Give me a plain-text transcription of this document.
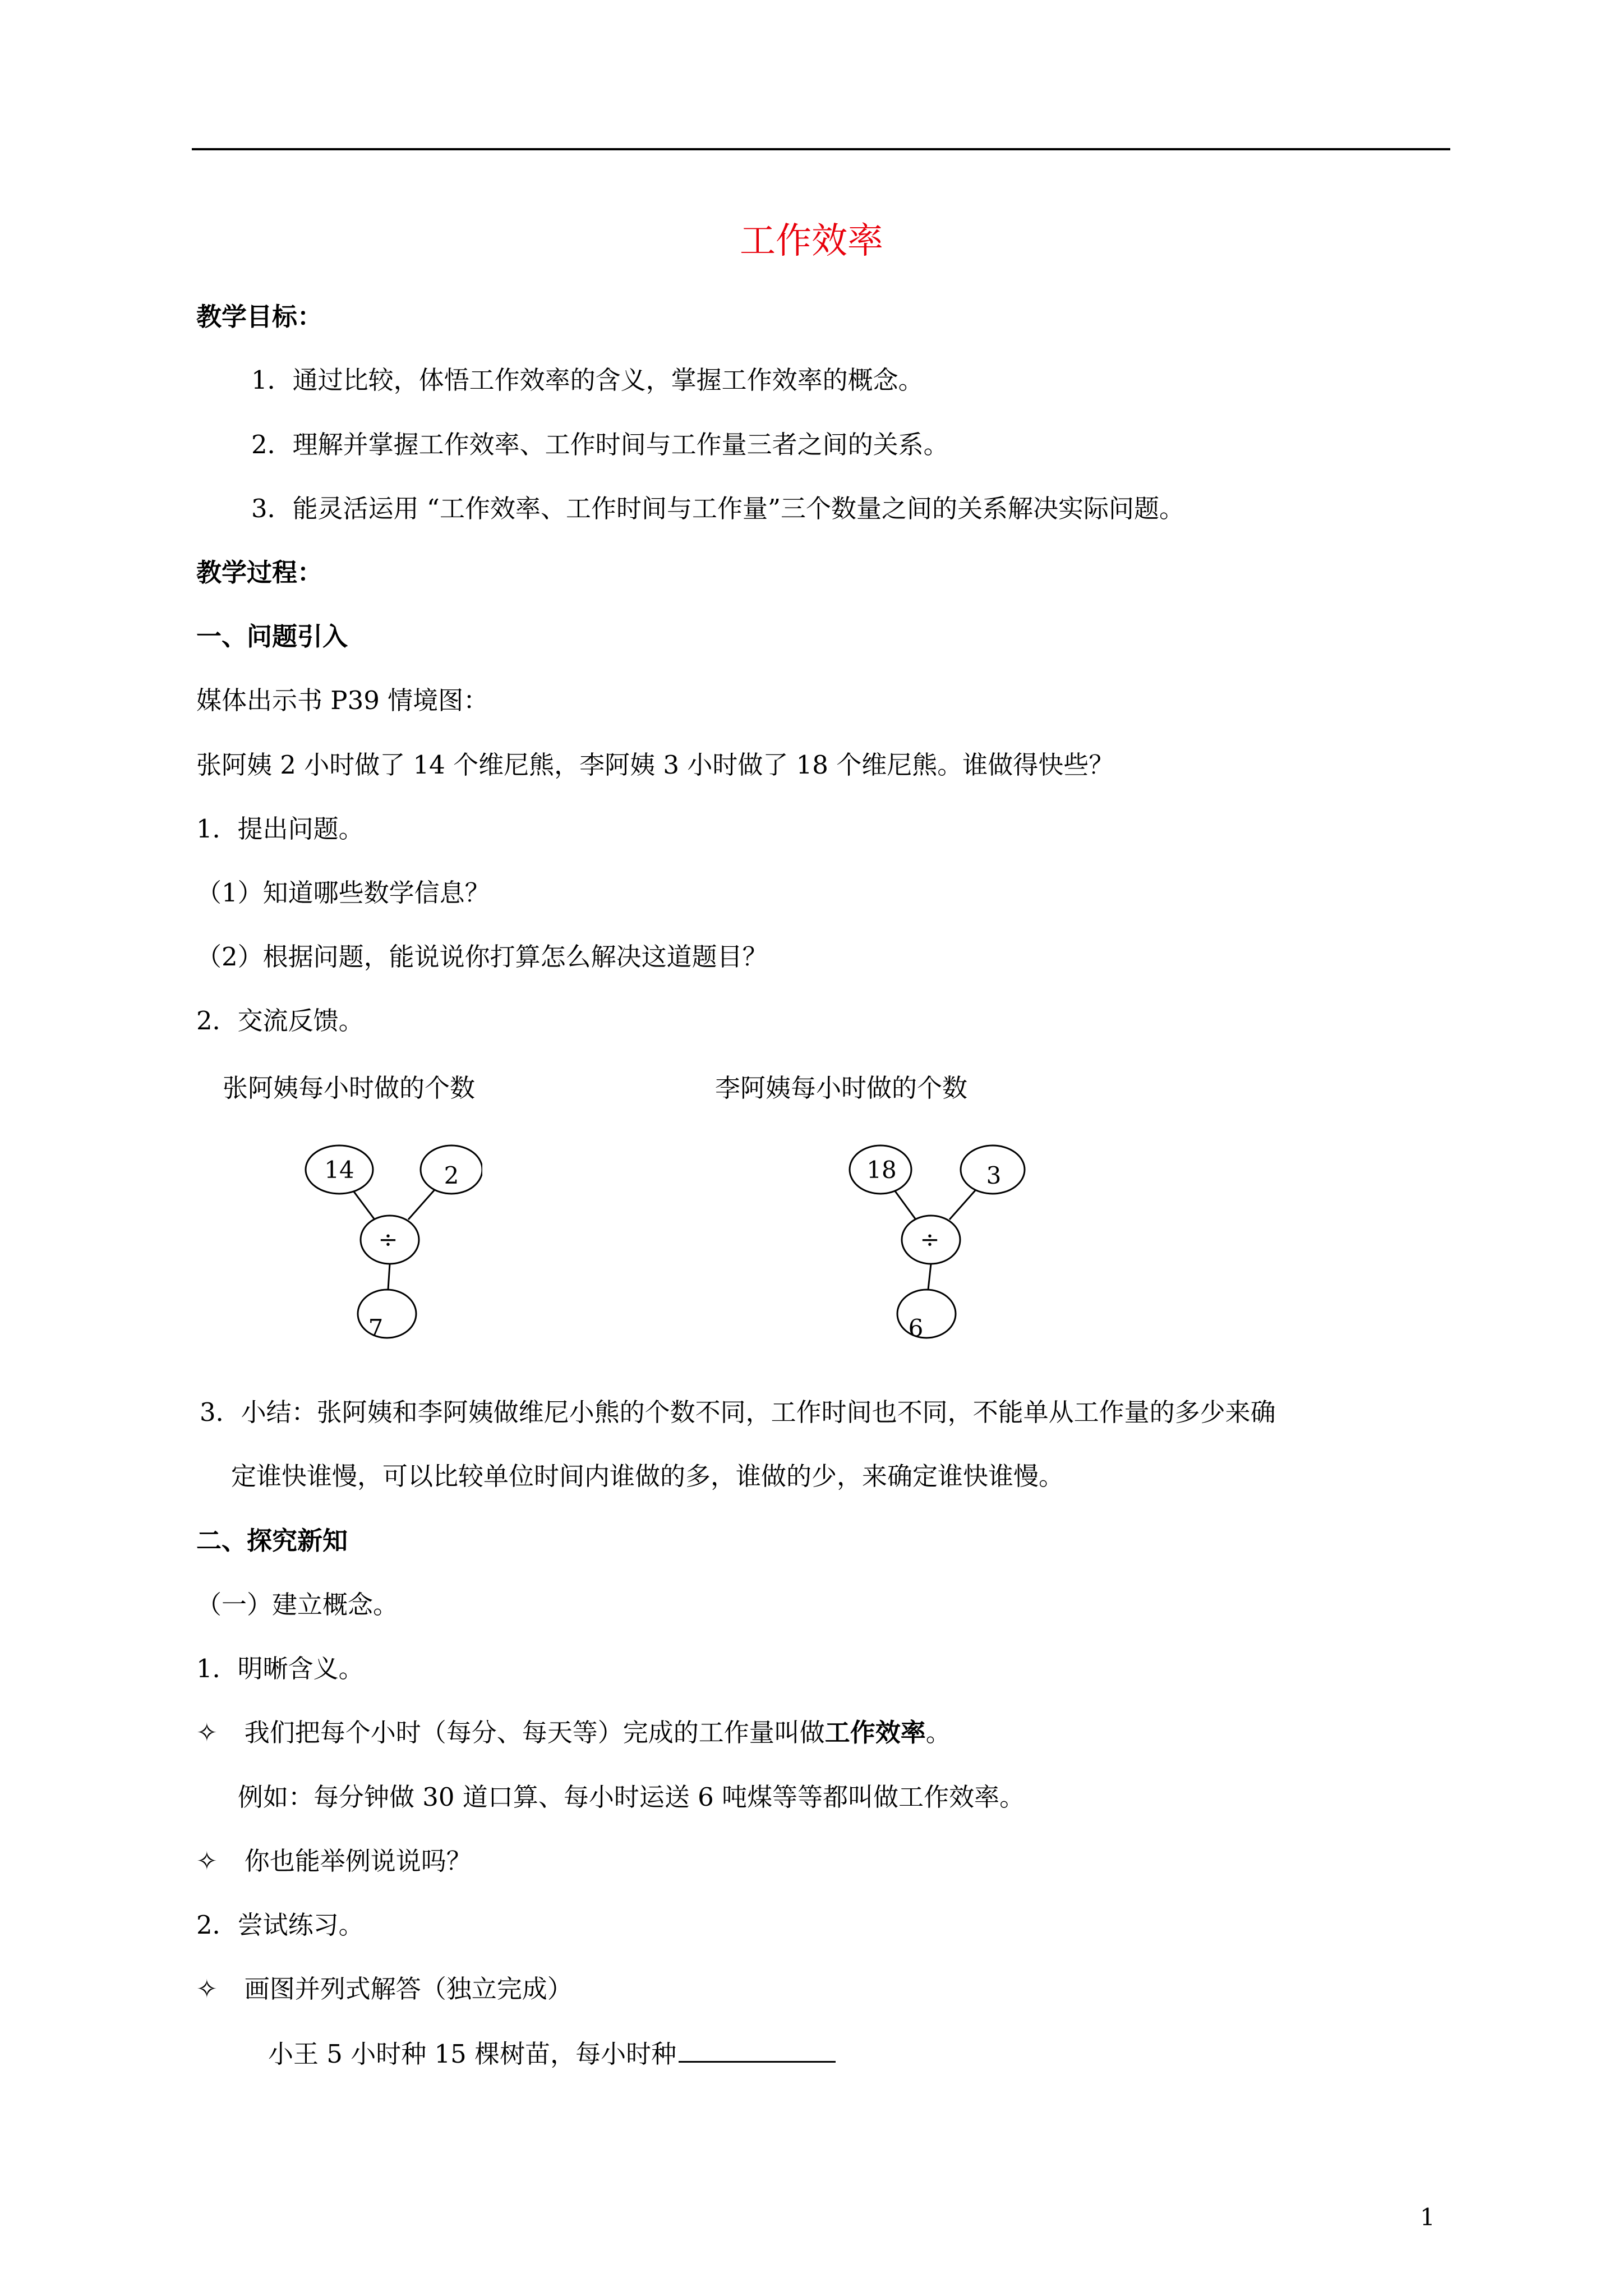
工作效率
教学目标：
1．通过比较，体悟工作效率的含义，掌握工作效率的概念。
2．理解并掌握工作效率、工作时间与工作量三者之间的关系。
3．能灵活运用 “工作效率、工作时间与工作量”三个数量之间的关系解决实际问题。
教学过程：
一、问题引入
媒体出示书 P39 情境图：
张阿姨 2 小时做了 14 个维尼熊，李阿姨 3 小时做了 18 个维尼熊。谁做得快些？
1．提出问题。
（1）知道哪些数学信息？
（2）根据问题，能说说你打算怎么解决这道题目？
2．交流反馈。
张阿姨每小时做的个数	李阿姨每小时做的个数
14	2
÷
7
18	3
÷
6
3．小结：张阿姨和李阿姨做维尼小熊的个数不同，工作时间也不同，不能单从工作量的多少来确
定谁快谁慢，可以比较单位时间内谁做的多，谁做的少，来确定谁快谁慢。
二、探究新知
（一）建立概念。
1．明晰含义。
✧ 我们把每个小时（每分、每天等）完成的工作量叫做工作效率。
例如：每分钟做 30 道口算、每小时运送 6 吨煤等等都叫做工作效率。
✧ 你也能举例说说吗？
2．尝试练习。
✧ 画图并列式解答（独立完成）
小王 5 小时种 15 棵树苗，每小时种
1
